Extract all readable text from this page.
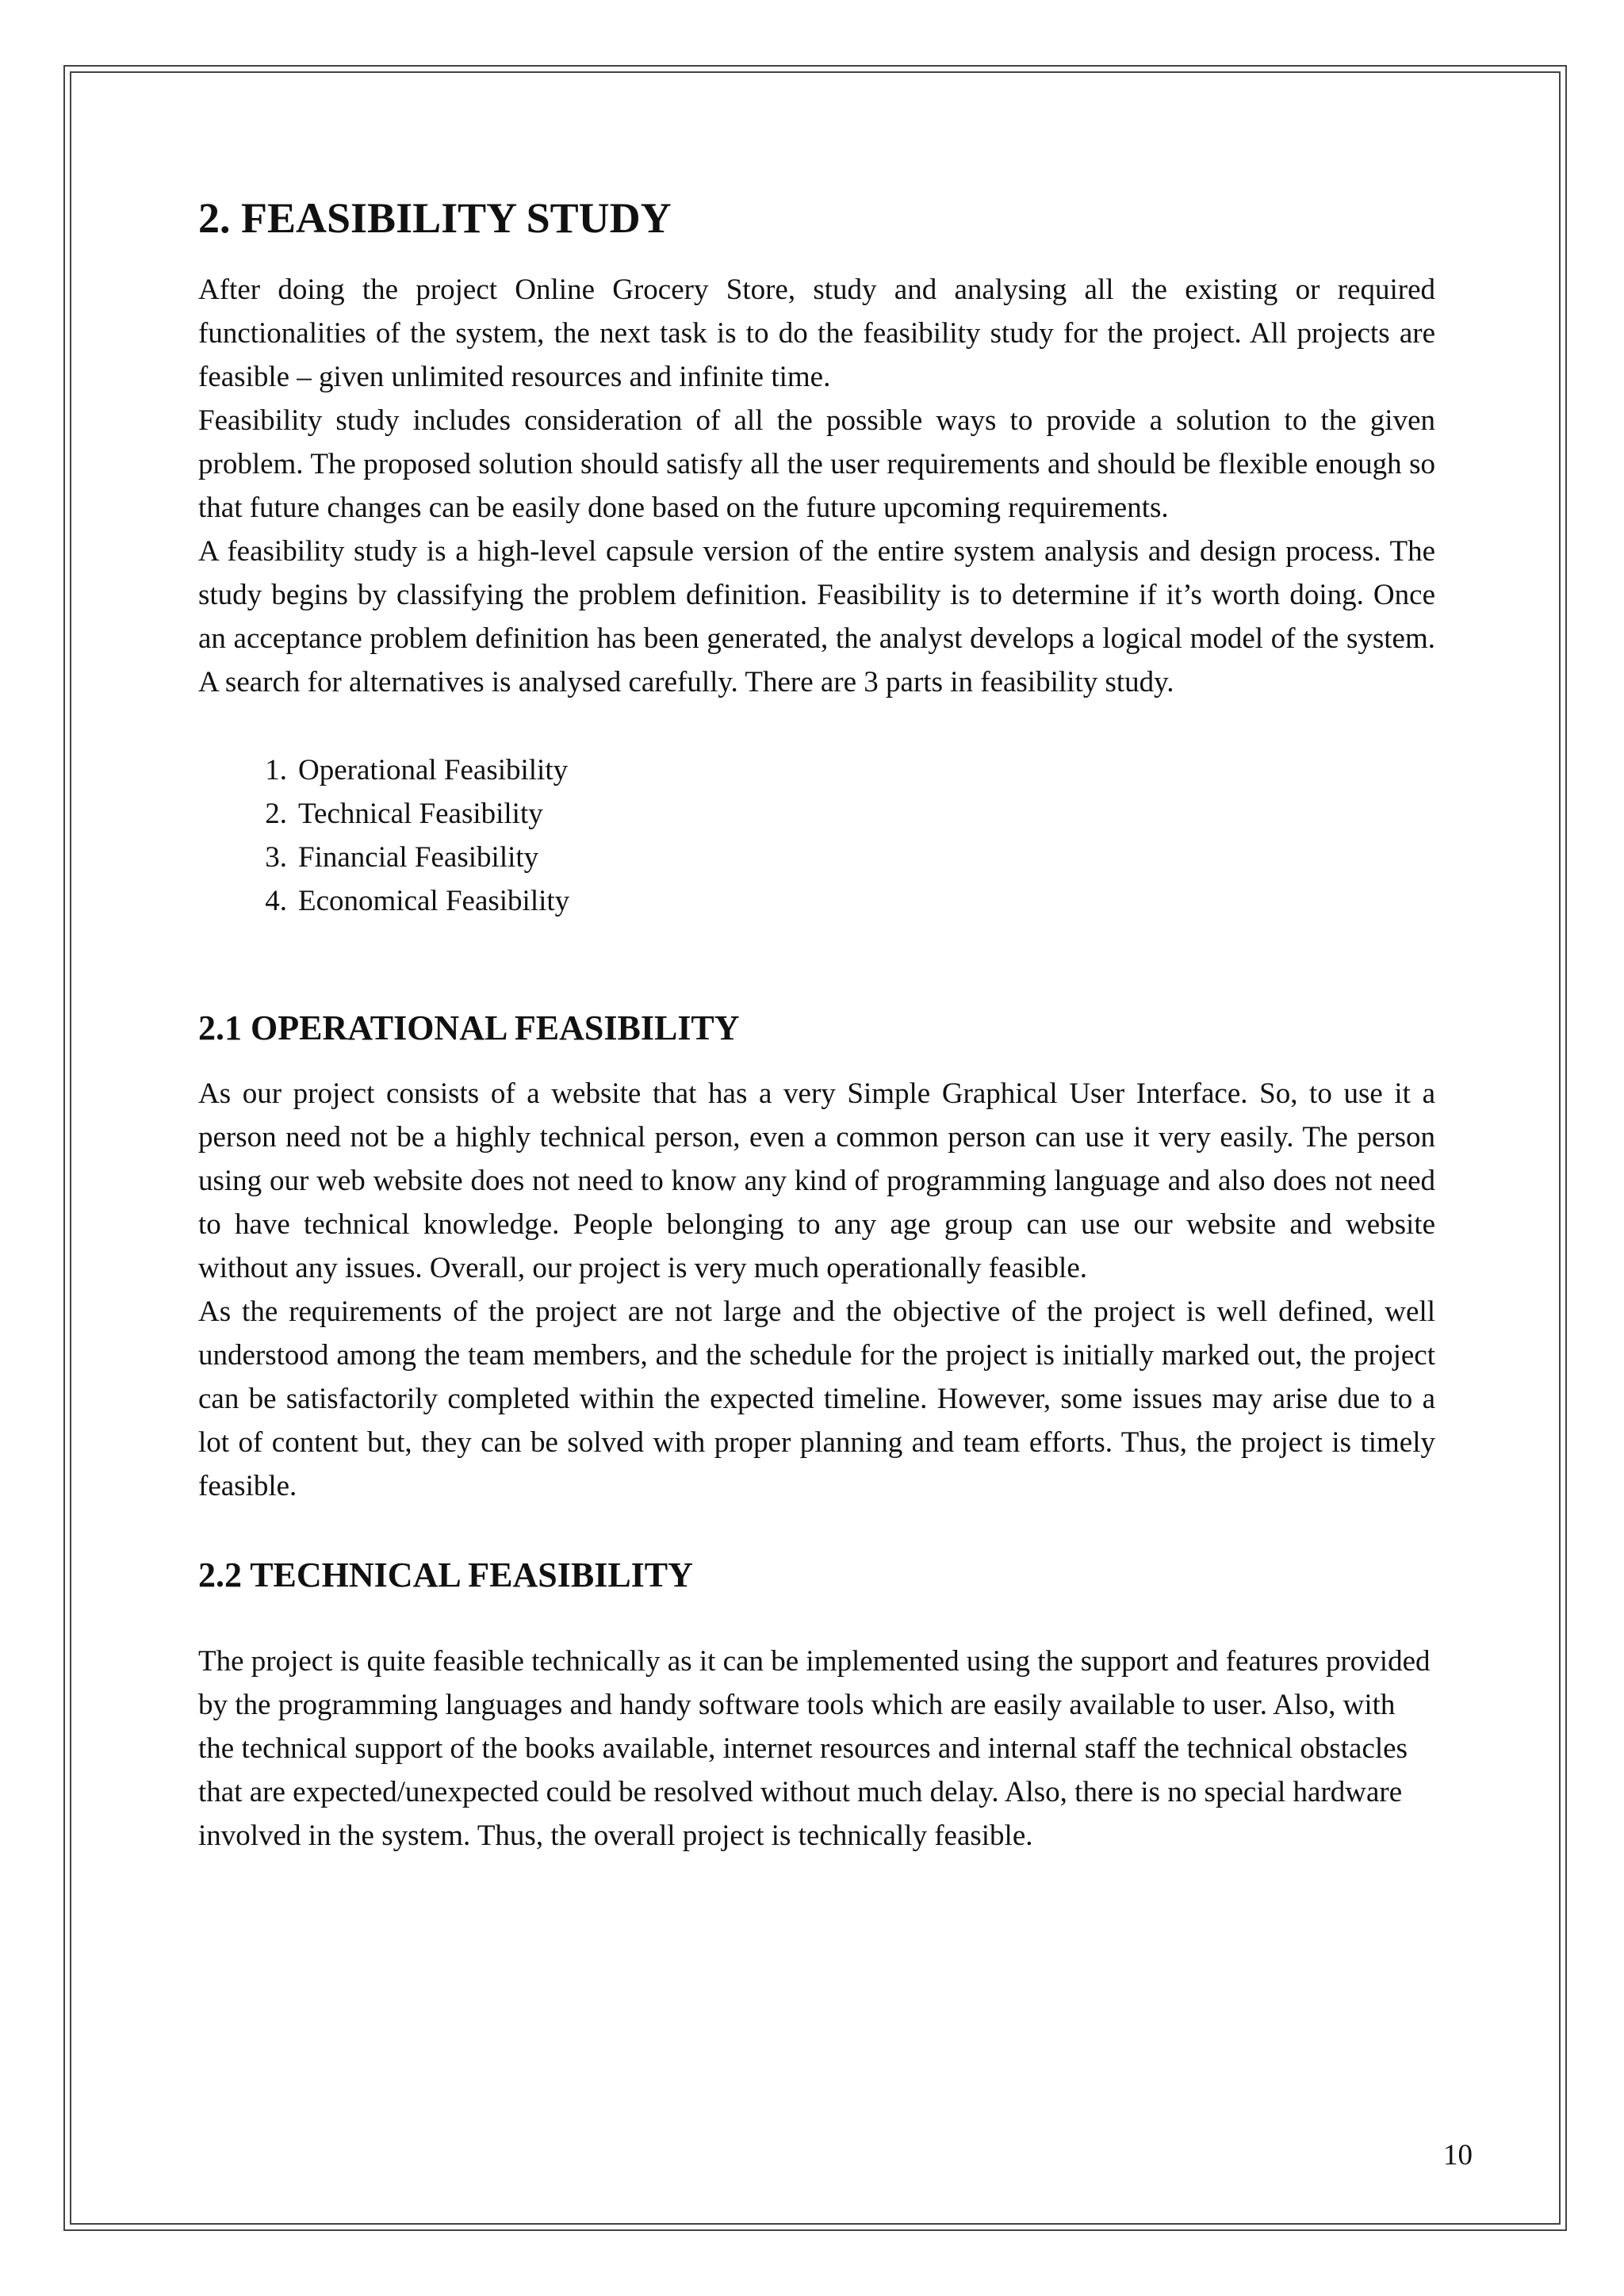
2. FEASIBILITY STUDY

After doing the project Online Grocery Store, study and analysing all the existing or required functionalities of the system, the next task is to do the feasibility study for the project. All projects are feasible – given unlimited resources and infinite time.

Feasibility study includes consideration of all the possible ways to provide a solution to the given problem. The proposed solution should satisfy all the user requirements and should be flexible enough so that future changes can be easily done based on the future upcoming requirements.

A feasibility study is a high-level capsule version of the entire system analysis and design process. The study begins by classifying the problem definition. Feasibility is to determine if it’s worth doing. Once an acceptance problem definition has been generated, the analyst develops a logical model of the system. A search for alternatives is analysed carefully. There are 3 parts in feasibility study.

1. Operational Feasibility
2. Technical Feasibility
3. Financial Feasibility
4. Economical Feasibility
2.1 OPERATIONAL FEASIBILITY

As our project consists of a website that has a very Simple Graphical User Interface. So, to use it a person need not be a highly technical person, even a common person can use it very easily. The person using our web website does not need to know any kind of programming language and also does not need to have technical knowledge. People belonging to any age group can use our website and website without any issues. Overall, our project is very much operationally feasible.

As the requirements of the project are not large and the objective of the project is well defined, well understood among the team members, and the schedule for the project is initially marked out, the project can be satisfactorily completed within the expected timeline. However, some issues may arise due to a lot of content but, they can be solved with proper planning and team efforts. Thus, the project is timely feasible.

2.2 TECHNICAL FEASIBILITY

The project is quite feasible technically as it can be implemented using the support and features provided by the programming languages and handy software tools which are easily available to user. Also, with the technical support of the books available, internet resources and internal staff the technical obstacles that are expected/unexpected could be resolved without much delay. Also, there is no special hardware involved in the system. Thus, the overall project is technically feasible.

10
